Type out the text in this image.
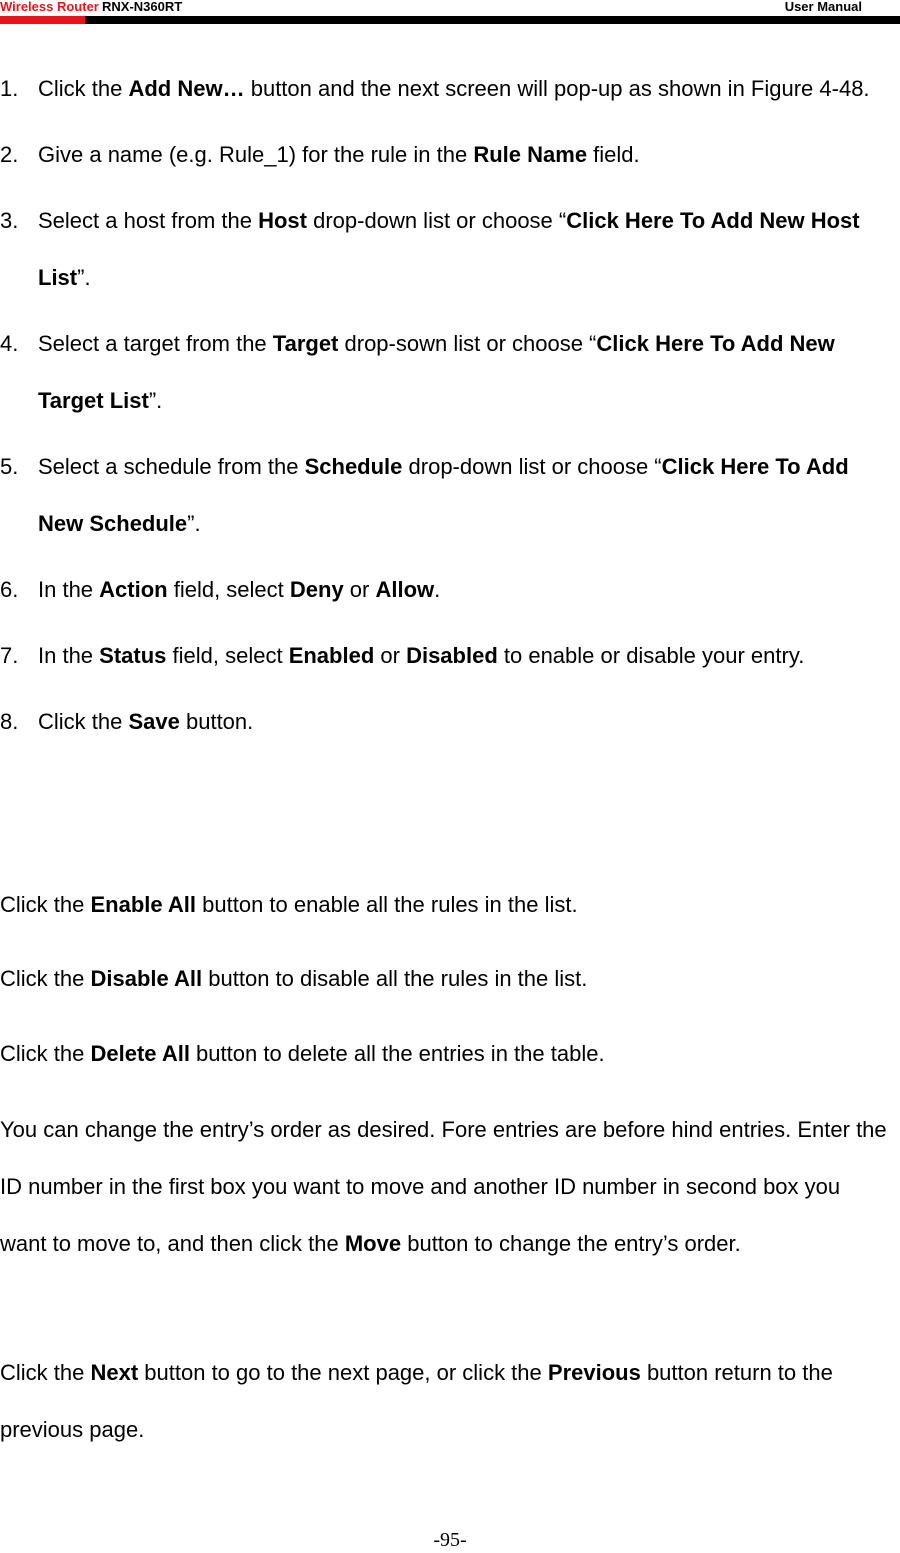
Wireless Router RNX-N360RT	User Manual
1. Click the Add New… button and the next screen will pop-up as shown in Figure 4-48.
2. Give a name (e.g. Rule_1) for the rule in the Rule Name field.
3. Select a host from the Host drop-down list or choose “Click Here To Add New Host List”.
4. Select a target from the Target drop-sown list or choose “Click Here To Add New Target List”.
5. Select a schedule from the Schedule drop-down list or choose “Click Here To Add New Schedule”.
6. In the Action field, select Deny or Allow.
7. In the Status field, select Enabled or Disabled to enable or disable your entry.
8. Click the Save button.

Click the Enable All button to enable all the rules in the list.

Click the Disable All button to disable all the rules in the list.

Click the Delete All button to delete all the entries in the table.

You can change the entry’s order as desired. Fore entries are before hind entries. Enter the ID number in the first box you want to move and another ID number in second box you want to move to, and then click the Move button to change the entry’s order.

Click the Next button to go to the next page, or click the Previous button return to the previous page.

-95-
